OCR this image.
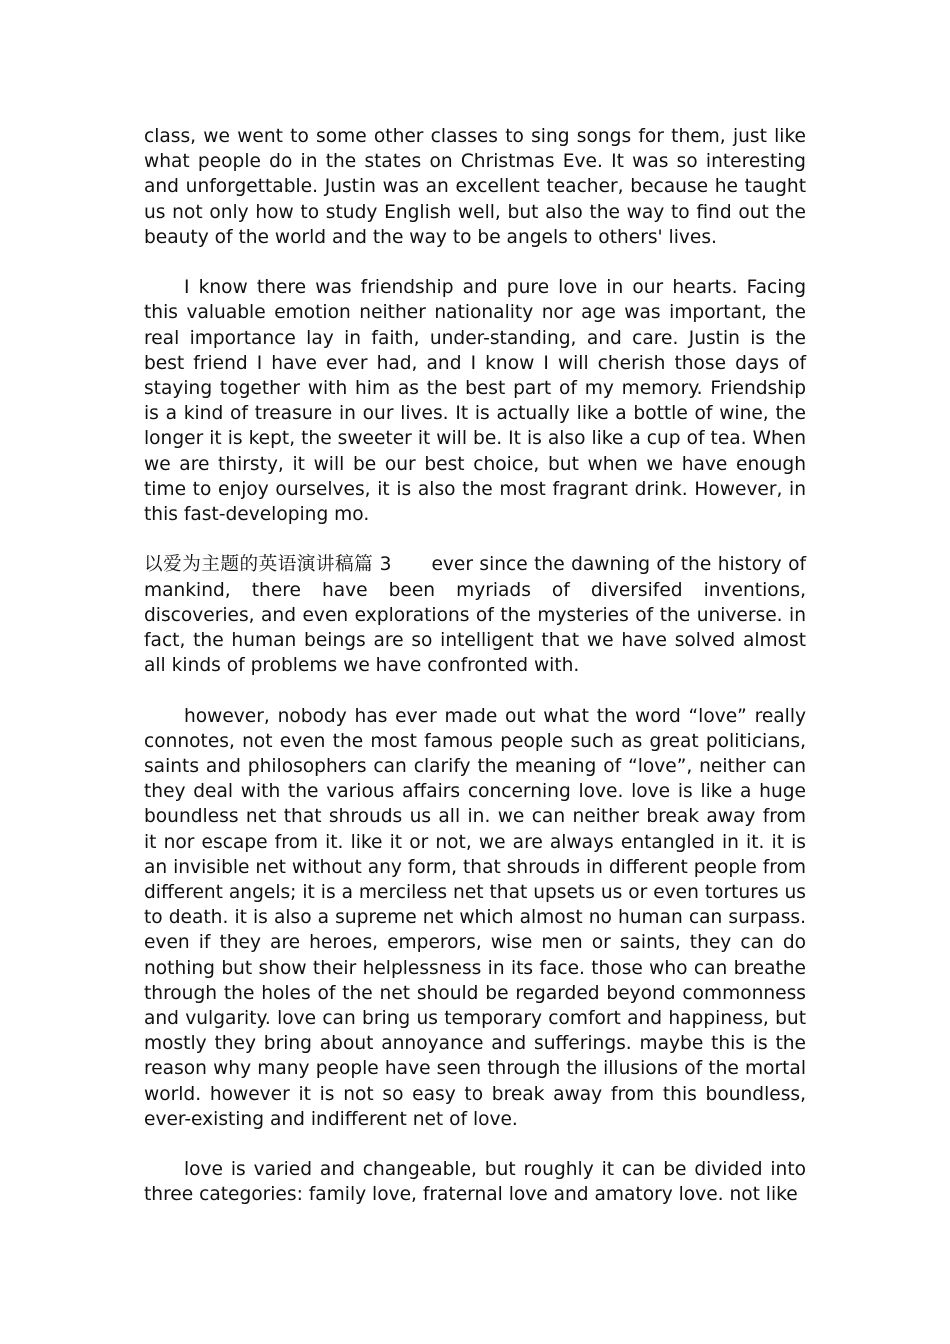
class, we went to some other classes to sing songs for them, just like what people do in the states on Christmas Eve. It was so interesting and unforgettable. Justin was an excellent teacher, because he taught us not only how to study English well, but also the way to find out the beauty of the world and the way to be angels to others' lives.

I know there was friendship and pure love in our hearts. Facing this valuable emotion neither nationality nor age was important, the real importance lay in faith, under-standing, and care. Justin is the best friend I have ever had, and I know I will cherish those days of staying together with him as the best part of my memory. Friendship is a kind of treasure in our lives. It is actually like a bottle of wine, the longer it is kept, the sweeter it will be. It is also like a cup of tea. When we are thirsty, it will be our best choice, but when we have enough time to enjoy ourselves, it is also the most fragrant drink. However, in this fast-developing mo.

以爱为主题的英语演讲稿篇 3 ever since the dawning of the history of mankind, there have been myriads of diversifed inventions, discoveries, and even explorations of the mysteries of the universe. in fact, the human beings are so intelligent that we have solved almost all kinds of problems we have confronted with.

however, nobody has ever made out what the word “love” really connotes, not even the most famous people such as great politicians, saints and philosophers can clarify the meaning of “love”, neither can they deal with the various affairs concerning love. love is like a huge boundless net that shrouds us all in. we can neither break away from it nor escape from it. like it or not, we are always entangled in it. it is an invisible net without any form, that shrouds in different people from different angels; it is a merciless net that upsets us or even tortures us to death. it is also a supreme net which almost no human can surpass. even if they are heroes, emperors, wise men or saints, they can do nothing but show their helplessness in its face. those who can breathe through the holes of the net should be regarded beyond commonness and vulgarity. love can bring us temporary comfort and happiness, but mostly they bring about annoyance and sufferings. maybe this is the reason why many people have seen through the illusions of the mortal world. however it is not so easy to break away from this boundless, ever-existing and indifferent net of love.

love is varied and changeable, but roughly it can be divided into three categories: family love, fraternal love and amatory love. not like
